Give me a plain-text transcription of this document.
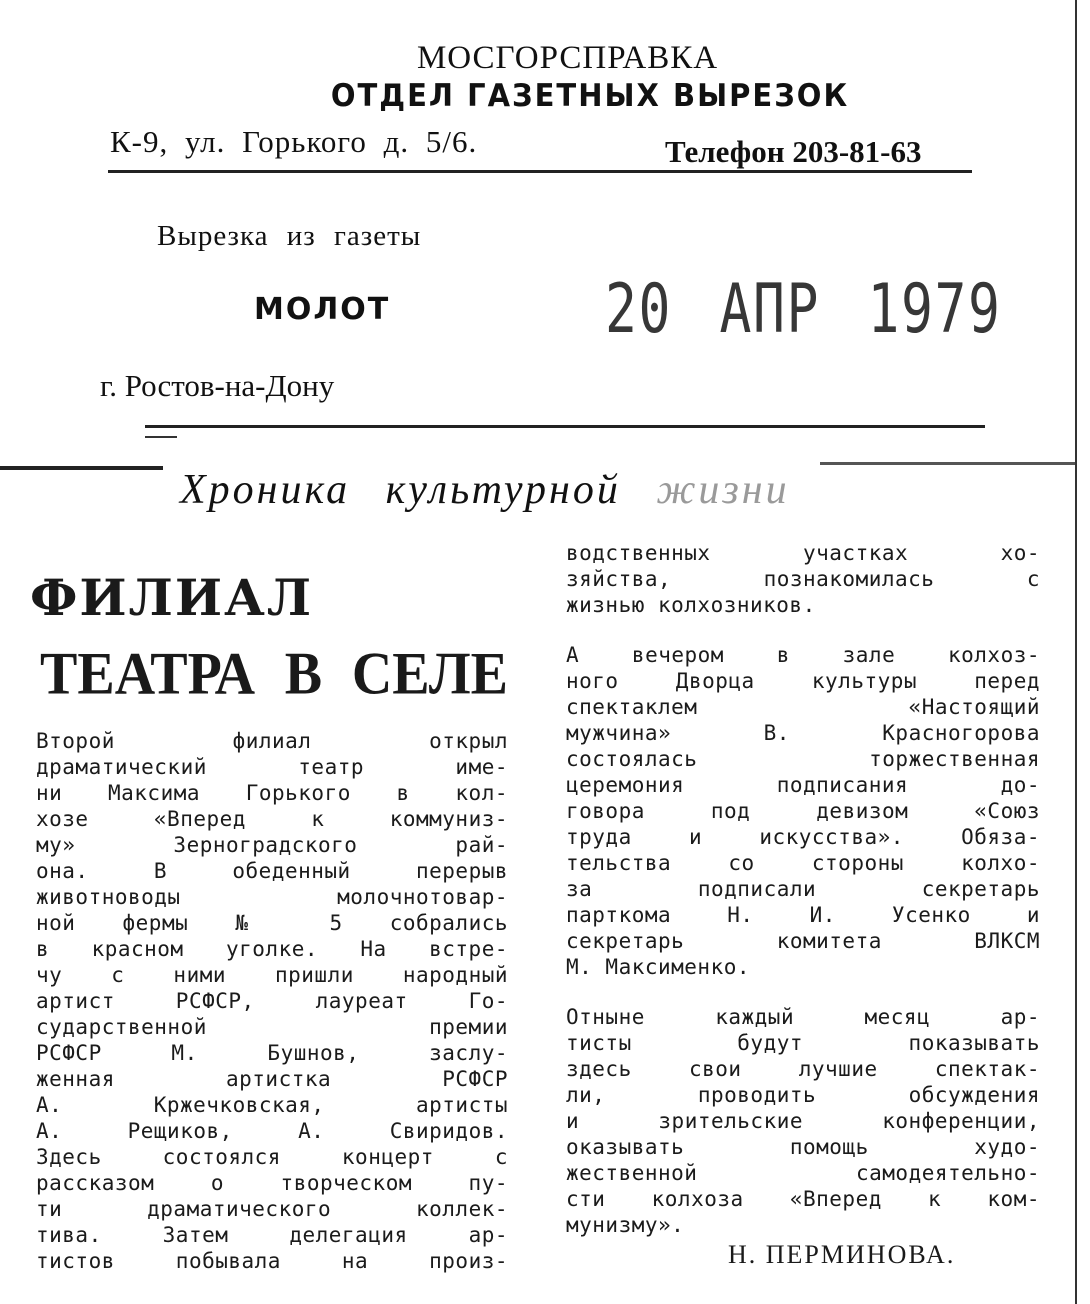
МОСГОРСПРАВКА
ОТДЕЛ ГАЗЕТНЫХ ВЫРЕЗОК
К-9, ул. Горького д. 5/6.	Телефон 203-81-63
Вырезка из газеты
МОЛОТ	20 АПР 1979
г. Ростов-на-Дону
Хроника культурной жизни
ФИЛИАЛ
ТЕАТРА В СЕЛЕ
Второй филиал открыл
драматический театр име-
ни Максима Горького в кол-
хозе «Вперед к коммуниз-
му» Зерноградского рай-
она. В обеденный перерыв
животноводы молочнотовар-
ной фермы № 5 собрались
в красном уголке. На встре-
чу с ними пришли народный
артист РСФСР, лауреат Го-
сударственной премии
РСФСР М. Бушнов, заслу-
женная артистка РСФСР
А. Кржечковская, артисты
А. Рещиков, А. Свиридов.
Здесь состоялся концерт с
рассказом о творческом пу-
ти драматического коллек-
тива. Затем делегация ар-
тистов побывала на произ-
водственных участках хо-
зяйства, познакомилась с
жизнью колхозников.
А вечером в зале колхоз-
ного Дворца культуры перед
спектаклем «Настоящий
мужчина» В. Красногорова
состоялась торжественная
церемония подписания до-
говора под девизом «Союз
труда и искусства». Обяза-
тельства со стороны колхо-
за подписали секретарь
парткома Н. И. Усенко и
секретарь комитета ВЛКСМ
М. Максименко.
Отныне каждый месяц ар-
тисты будут показывать
здесь свои лучшие спектак-
ли, проводить обсуждения
и зрительские конференции,
оказывать помощь худо-
жественной самодеятельно-
сти колхоза «Вперед к ком-
мунизму».
Н. ПЕРМИНОВА.
